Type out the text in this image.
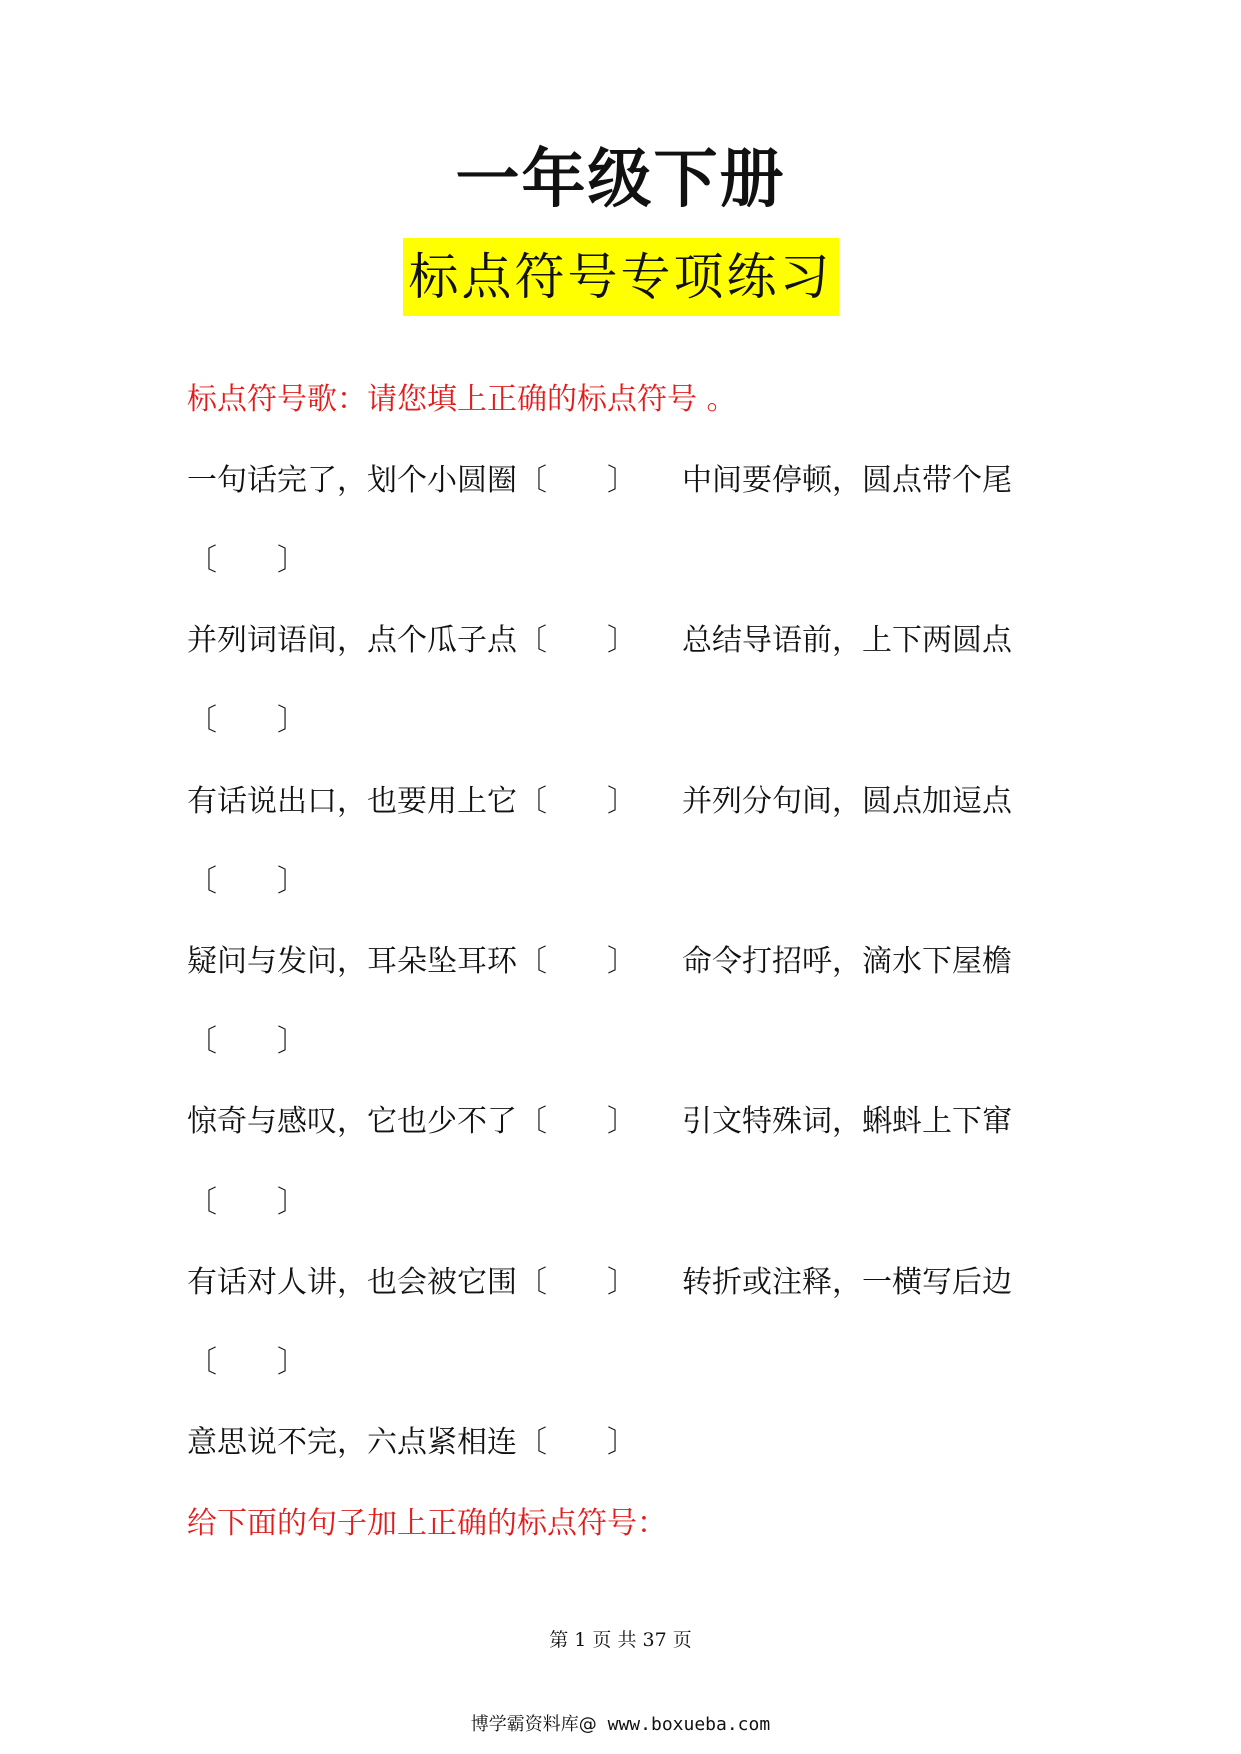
一年级下册
标点符号专项练习
标点符号歌：请您填上正确的标点符号 。
一句话完了，划个小圆圈〔　　〕　　中间要停顿，圆点带个尾
〔　　〕
并列词语间，点个瓜子点〔　　〕　　总结导语前，上下两圆点
〔　　〕
有话说出口，也要用上它〔　　〕　　并列分句间，圆点加逗点
〔　　〕
疑问与发问，耳朵坠耳环〔　　〕　　命令打招呼，滴水下屋檐
〔　　〕
惊奇与感叹，它也少不了〔　　〕　　引文特殊词，蝌蚪上下窜
〔　　〕
有话对人讲，也会被它围〔　　〕　　转折或注释，一横写后边
〔　　〕
意思说不完，六点紧相连〔　　〕
给下面的句子加上正确的标点符号：
第 1 页 共 37 页
博学霸资料库@ www.boxueba.com
